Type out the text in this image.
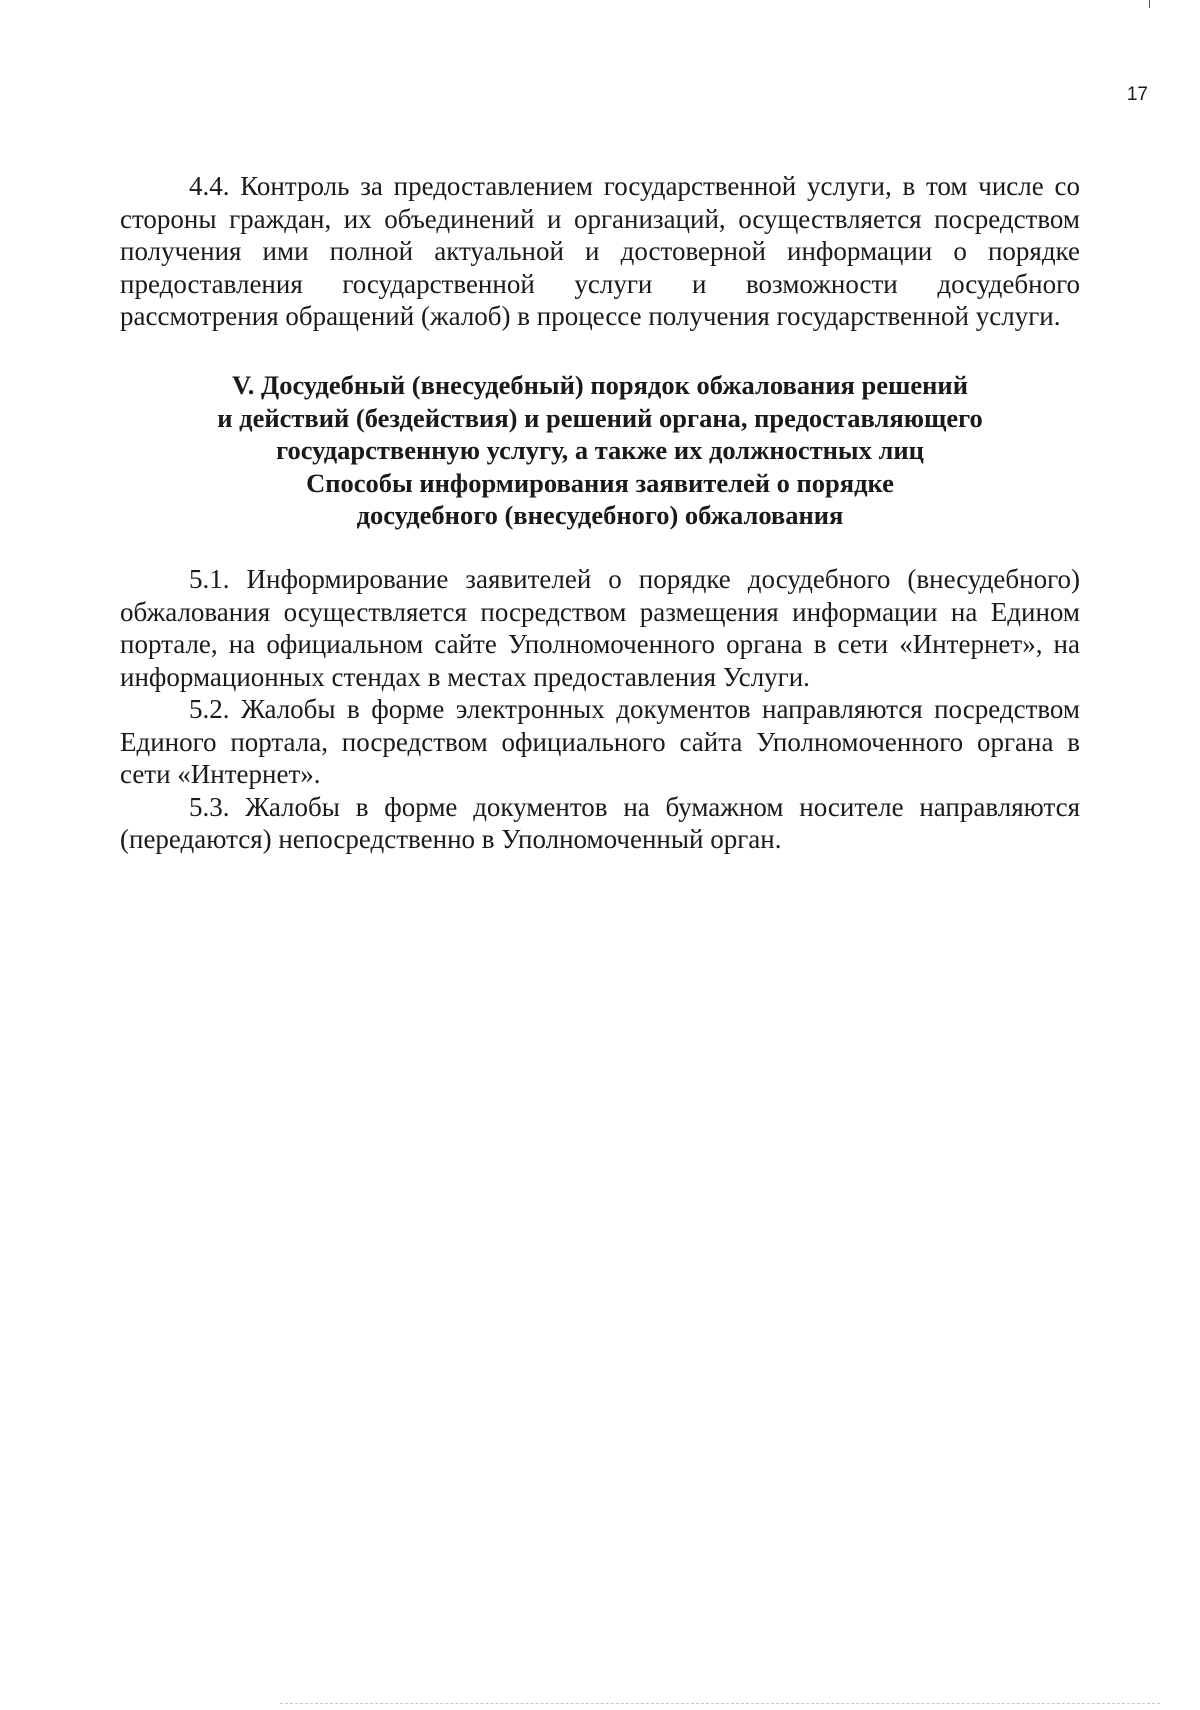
17

4.4. Контроль за предоставлением государственной услуги, в том числе со стороны граждан, их объединений и организаций, осуществляется посредством получения ими полной актуальной и достоверной информации о порядке предоставления государственной услуги и возможности досудебного рассмотрения обращений (жалоб) в процессе получения государственной услуги.

V. Досудебный (внесудебный) порядок обжалования решений
и действий (бездействия) и решений органа, предоставляющего
государственную услугу, а также их должностных лиц
Способы информирования заявителей о порядке
досудебного (внесудебного) обжалования

5.1. Информирование заявителей о порядке досудебного (внесудебного) обжалования осуществляется посредством размещения информации на Едином портале, на официальном сайте Уполномоченного органа в сети «Интернет», на информационных стендах в местах предоставления Услуги.

5.2. Жалобы в форме электронных документов направляются посредством Единого портала, посредством официального сайта Уполномоченного органа в сети «Интернет».

5.3. Жалобы в форме документов на бумажном носителе направляются (передаются) непосредственно в Уполномоченный орган.
